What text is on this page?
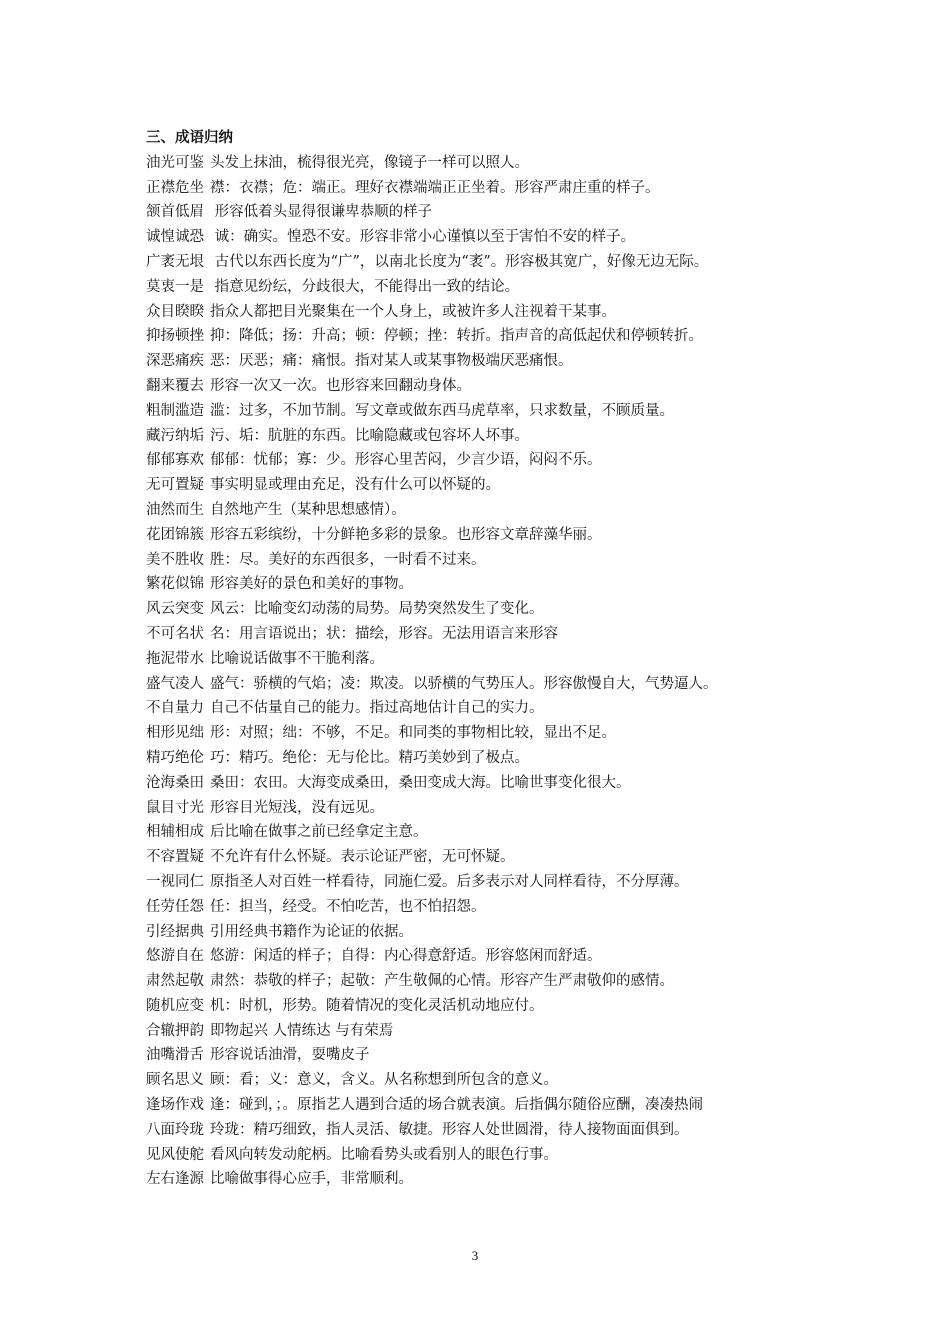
三、成语归纳
油光可鉴 头发上抹油，梳得很光亮，像镜子一样可以照人。
正襟危坐 襟：衣襟；危：端正。理好衣襟端端正正坐着。形容严肃庄重的样子。
颔首低眉 形容低着头显得很谦卑恭顺的样子
诚惶诚恐 诚：确实。惶恐不安。形容非常小心谨慎以至于害怕不安的样子。
广袤无垠 古代以东西长度为“广”，以南北长度为“袤”。形容极其宽广，好像无边无际。
莫衷一是 指意见纷纭，分歧很大，不能得出一致的结论。
众目睽睽 指众人都把目光聚集在一个人身上，或被许多人注视着干某事。
抑扬顿挫 抑：降低；扬：升高；顿：停顿；挫：转折。指声音的高低起伏和停顿转折。
深恶痛疾 恶：厌恶；痛：痛恨。指对某人或某事物极端厌恶痛恨。
翻来覆去 形容一次又一次。也形容来回翻动身体。
粗制滥造 滥：过多，不加节制。写文章或做东西马虎草率，只求数量，不顾质量。
藏污纳垢 污、垢：肮脏的东西。比喻隐藏或包容坏人坏事。
郁郁寡欢 郁郁：忧郁；寡：少。形容心里苦闷，少言少语，闷闷不乐。
无可置疑 事实明显或理由充足，没有什么可以怀疑的。
油然而生 自然地产生（某种思想感情）。
花团锦簇 形容五彩缤纷，十分鲜艳多彩的景象。也形容文章辞藻华丽。
美不胜收 胜：尽。美好的东西很多，一时看不过来。
繁花似锦 形容美好的景色和美好的事物。
风云突变 风云：比喻变幻动荡的局势。局势突然发生了变化。
不可名状 名：用言语说出；状：描绘，形容。无法用语言来形容
拖泥带水 比喻说话做事不干脆利落。
盛气凌人 盛气：骄横的气焰；凌：欺凌。以骄横的气势压人。形容傲慢自大，气势逼人。
不自量力 自己不估量自己的能力。指过高地估计自己的实力。
相形见绌 形：对照；绌：不够，不足。和同类的事物相比较，显出不足。
精巧绝伦 巧：精巧。绝伦：无与伦比。精巧美妙到了极点。
沧海桑田 桑田：农田。大海变成桑田，桑田变成大海。比喻世事变化很大。
鼠目寸光 形容目光短浅，没有远见。
相辅相成 后比喻在做事之前已经拿定主意。
不容置疑 不允许有什么怀疑。表示论证严密，无可怀疑。
一视同仁 原指圣人对百姓一样看待，同施仁爱。后多表示对人同样看待，不分厚薄。
任劳任怨 任：担当，经受。不怕吃苦，也不怕招怨。
引经据典 引用经典书籍作为论证的依据。
悠游自在 悠游：闲适的样子；自得：内心得意舒适。形容悠闲而舒适。
肃然起敬 肃然：恭敬的样子；起敬：产生敬佩的心情。形容产生严肃敬仰的感情。
随机应变 机：时机，形势。随着情况的变化灵活机动地应付。
合辙押韵 即物起兴 人情练达 与有荣焉
油嘴滑舌 形容说话油滑，耍嘴皮子
顾名思义 顾：看；义：意义，含义。从名称想到所包含的意义。
逢场作戏 逢：碰到，；。原指艺人遇到合适的场合就表演。后指偶尔随俗应酬，凑凑热闹
八面玲珑 玲珑：精巧细致，指人灵活、敏捷。形容人处世圆滑，待人接物面面俱到。
见风使舵 看风向转发动舵柄。比喻看势头或看别人的眼色行事。
左右逢源 比喻做事得心应手，非常顺利。
3
